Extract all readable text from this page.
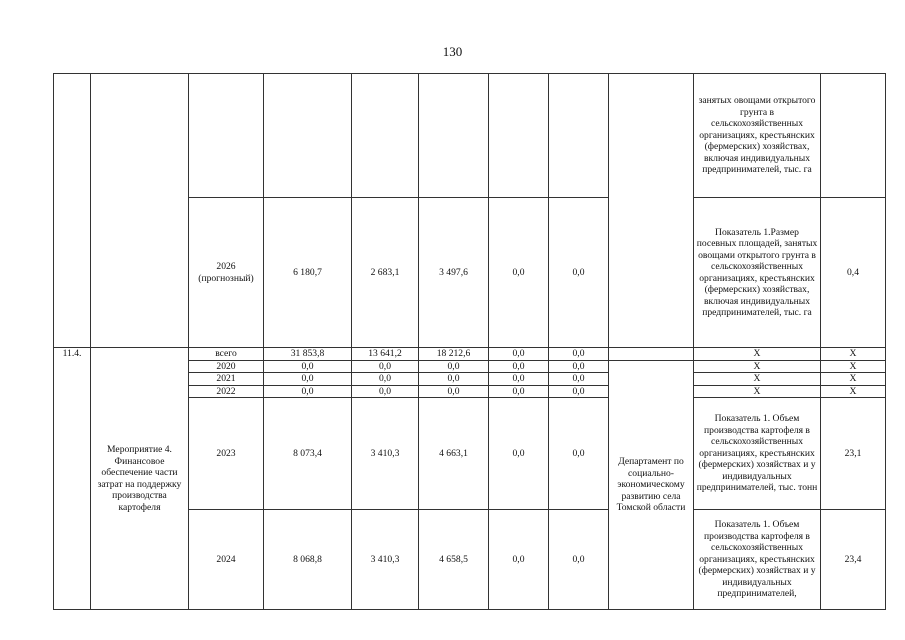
130
									занятых овощами открытого грунта в сельскохозяйственных организациях, крестьянских (фермерских) хозяйствах, включая индивидуальных предпринимателей, тыс. га	
		2026 (прогнозный)	6 180,7	2 683,1	3 497,6	0,0	0,0		Показатель 1.Размер посевных площадей, занятых овощами открытого грунта в сельскохозяйственных организациях, крестьянских (фермерских) хозяйствах, включая индивидуальных предпринимателей, тыс. га	0,4
11.4.	Мероприятие 4. Финансовое обеспечение части затрат на поддержку производства картофеля	всего	31 853,8	13 641,2	18 212,6	0,0	0,0		Х	Х
		2020	0,0	0,0	0,0	0,0	0,0	Департамент по социально-экономическому развитию села Томской области	Х	Х
		2021	0,0	0,0	0,0	0,0	0,0		Х	Х
		2022	0,0	0,0	0,0	0,0	0,0		Х	Х
		2023	8 073,4	3 410,3	4 663,1	0,0	0,0		Показатель 1. Объем производства картофеля в сельскохозяйственных организациях, крестьянских (фермерских) хозяйствах и у индивидуальных предпринимателей, тыс. тонн	23,1
		2024	8 068,8	3 410,3	4 658,5	0,0	0,0		Показатель 1. Объем производства картофеля в сельскохозяйственных организациях, крестьянских (фермерских) хозяйствах и у индивидуальных предпринимателей,	23,4
